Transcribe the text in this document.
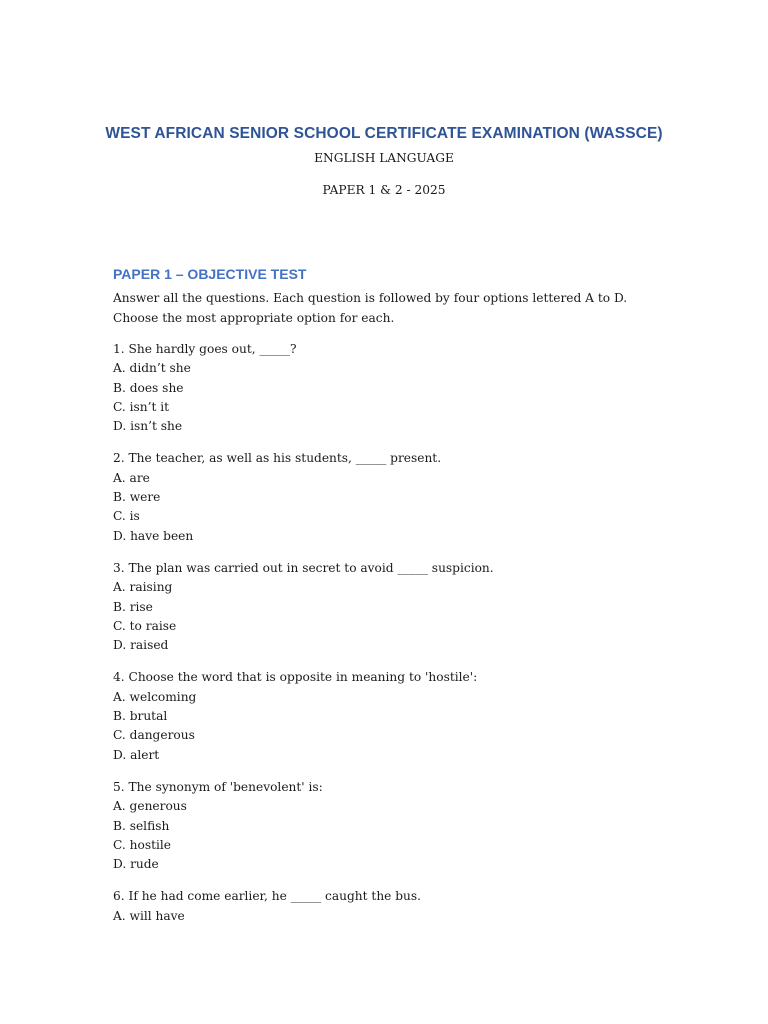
WEST AFRICAN SENIOR SCHOOL CERTIFICATE EXAMINATION (WASSCE)
ENGLISH LANGUAGE
PAPER 1 & 2 - 2025
PAPER 1 – OBJECTIVE TEST
Answer all the questions. Each question is followed by four options lettered A to D. Choose the most appropriate option for each.
1. She hardly goes out, _____?
A. didn’t she
B. does she
C. isn’t it
D. isn’t she
2. The teacher, as well as his students, _____ present.
A. are
B. were
C. is
D. have been
3. The plan was carried out in secret to avoid _____ suspicion.
A. raising
B. rise
C. to raise
D. raised
4. Choose the word that is opposite in meaning to 'hostile':
A. welcoming
B. brutal
C. dangerous
D. alert
5. The synonym of 'benevolent' is:
A. generous
B. selfish
C. hostile
D. rude
6. If he had come earlier, he _____ caught the bus.
A. will have
